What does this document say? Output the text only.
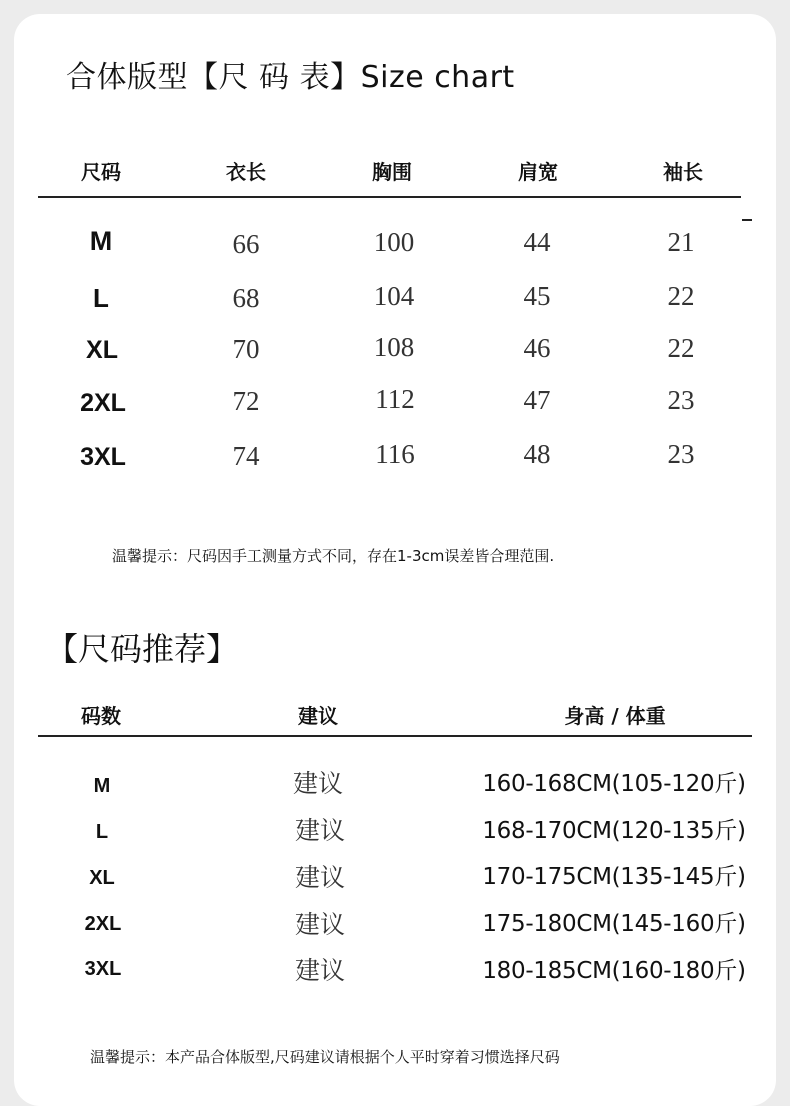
合体版型【尺 码 表】Size chart
尺码	衣长	胸围	肩宽	袖长
M	66	100	44	21
L	68	104	45	22
XL	70	108	46	22
2XL	72	112	47	23
3XL	74	116	48	23
温馨提示：尺码因手工测量方式不同，存在1-3cm误差皆合理范围.
【尺码推荐】
码数	建议	身高 / 体重
M	建议	160-168CM(105-120斤)
L	建议	168-170CM(120-135斤)
XL	建议	170-175CM(135-145斤)
2XL	建议	175-180CM(145-160斤)
3XL	建议	180-185CM(160-180斤)
温馨提示：本产品合体版型,尺码建议请根据个人平时穿着习惯选择尺码
